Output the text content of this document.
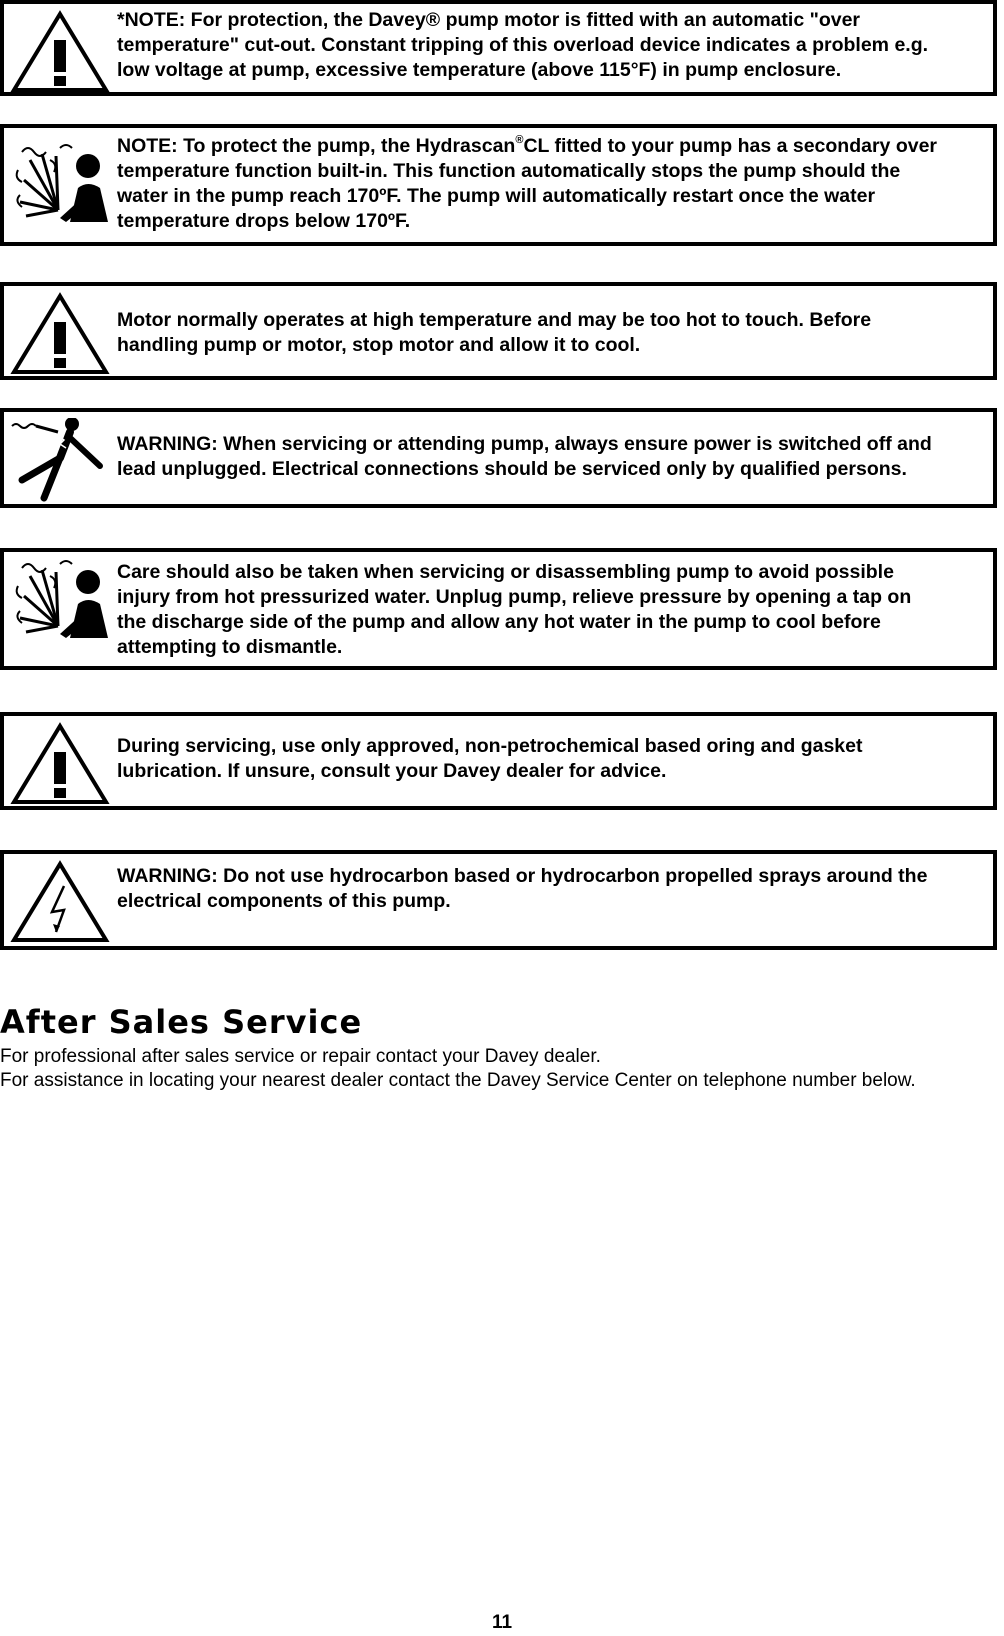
*NOTE: For protection, the Davey® pump motor is fitted with an automatic "over
temperature" cut-out. Constant tripping of this overload device indicates a problem e.g.
low voltage at pump, excessive temperature (above 115°F) in pump enclosure.
NOTE: To protect the pump, the Hydrascan®CL fitted to your pump has a secondary over
temperature function built-in. This function automatically stops the pump should the
water in the pump reach 170ºF. The pump will automatically restart once the water
temperature drops below 170ºF.
Motor normally operates at high temperature and may be too hot to touch. Before
handling pump or motor, stop motor and allow it to cool.
WARNING: When servicing or attending pump, always ensure power is switched off and
lead unplugged. Electrical connections should be serviced only by qualified persons.
Care should also be taken when servicing or disassembling pump to avoid possible
injury from hot pressurized water. Unplug pump, relieve pressure by opening a tap on
the discharge side of the pump and allow any hot water in the pump to cool before
attempting to dismantle.
During servicing, use only approved, non-petrochemical based oring and gasket
lubrication. If unsure, consult your Davey dealer for advice.
WARNING: Do not use hydrocarbon based or hydrocarbon propelled sprays around the
electrical components of this pump.
After Sales Service

For professional after sales service or repair contact your Davey dealer.

For assistance in locating your nearest dealer contact the Davey Service Center on telephone number below.

11
